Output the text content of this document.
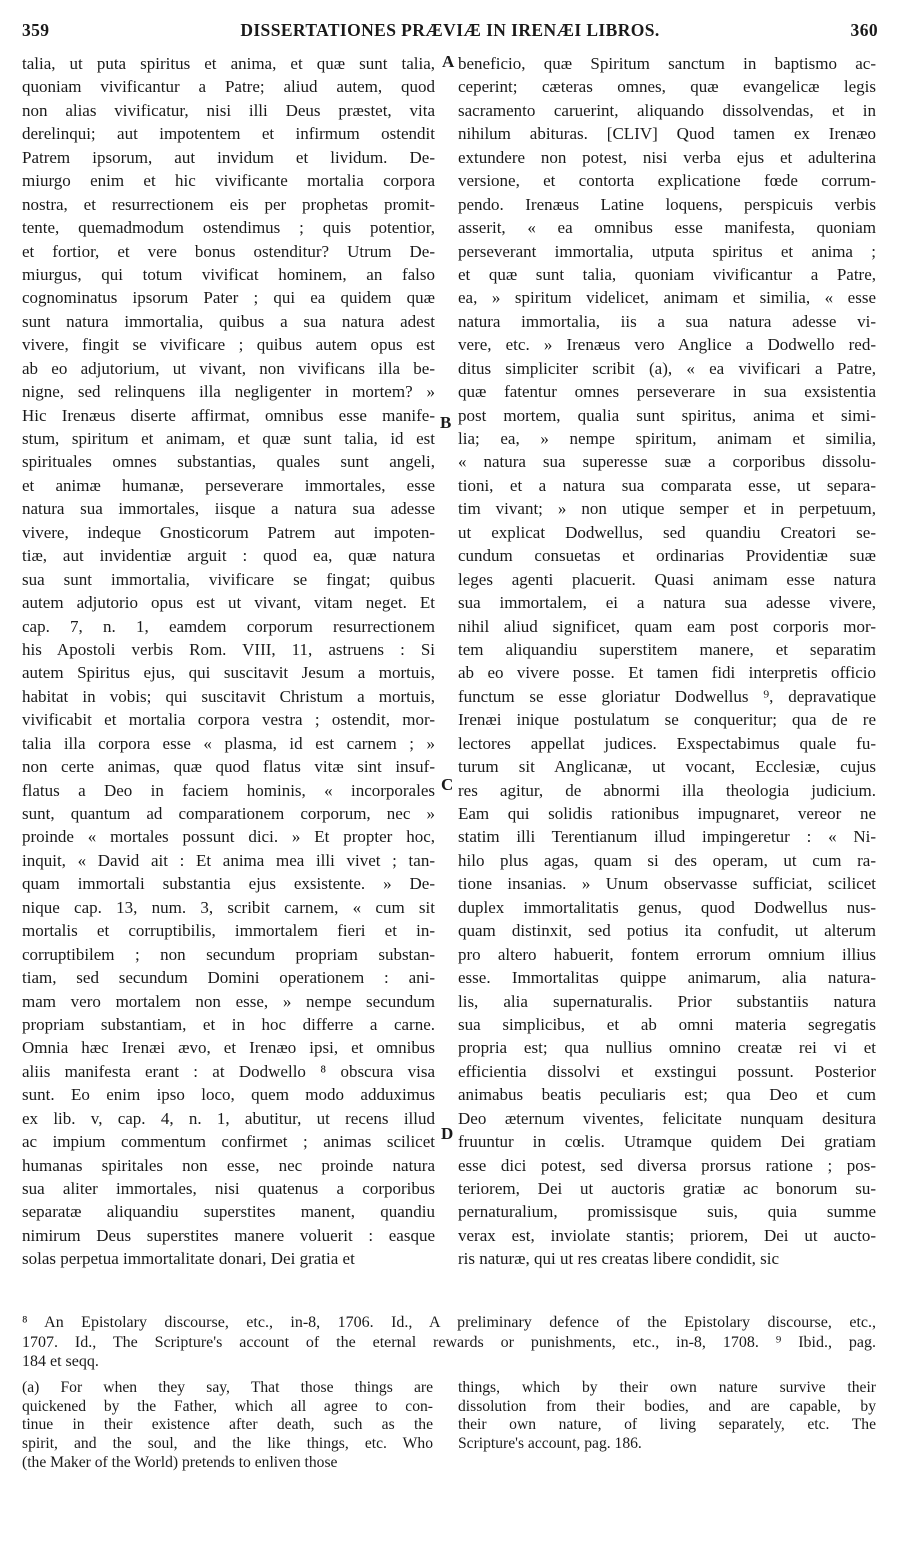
359	DISSERTATIONES PRÆVIÆ IN IRENÆI LIBROS.	360
A
B
C
D
talia, ut puta spiritus et anima, et quæ sunt talia,
quoniam vivificantur a Patre; aliud autem, quod
non alias vivificatur, nisi illi Deus præstet, vita
derelinqui; aut impotentem et infirmum ostendit
Patrem ipsorum, aut invidum et lividum. De-
miurgo enim et hic vivificante mortalia corpora
nostra, et resurrectionem eis per prophetas promit-
tente, quemadmodum ostendimus ; quis potentior,
et fortior, et vere bonus ostenditur? Utrum De-
miurgus, qui totum vivificat hominem, an falso
cognominatus ipsorum Pater ; qui ea quidem quæ
sunt natura immortalia, quibus a sua natura adest
vivere, fingit se vivificare ; quibus autem opus est
ab eo adjutorium, ut vivant, non vivificans illa be-
nigne, sed relinquens illa negligenter in mortem? »
Hic Irenæus diserte affirmat, omnibus esse manife-
stum, spiritum et animam, et quæ sunt talia, id est
spirituales omnes substantias, quales sunt angeli,
et animæ humanæ, perseverare immortales, esse
natura sua immortales, iisque a natura sua adesse
vivere, indeque Gnosticorum Patrem aut impoten-
tiæ, aut invidentiæ arguit : quod ea, quæ natura
sua sunt immortalia, vivificare se fingat; quibus
autem adjutorio opus est ut vivant, vitam neget. Et
cap. 7, n. 1, eamdem corporum resurrectionem
his Apostoli verbis Rom. VIII, 11, astruens : Si
autem Spiritus ejus, qui suscitavit Jesum a mortuis,
habitat in vobis; qui suscitavit Christum a mortuis,
vivificabit et mortalia corpora vestra ; ostendit, mor-
talia illa corpora esse « plasma, id est carnem ; »
non certe animas, quæ quod flatus vitæ sint insuf-
flatus a Deo in faciem hominis, « incorporales
sunt, quantum ad comparationem corporum, nec »
proinde « mortales possunt dici. » Et propter hoc,
inquit, « David ait : Et anima mea illi vivet ; tan-
quam immortali substantia ejus exsistente. » De-
nique cap. 13, num. 3, scribit carnem, « cum sit
mortalis et corruptibilis, immortalem fieri et in-
corruptibilem ; non secundum propriam substan-
tiam, sed secundum Domini operationem : ani-
mam vero mortalem non esse, » nempe secundum
propriam substantiam, et in hoc differre a carne.
Omnia hæc Irenæi ævo, et Irenæo ipsi, et omnibus
aliis manifesta erant : at Dodwello ⁸ obscura visa
sunt. Eo enim ipso loco, quem modo adduximus
ex lib. v, cap. 4, n. 1, abutitur, ut recens illud
ac impium commentum confirmet ; animas scilicet
humanas spiritales non esse, nec proinde natura
sua aliter immortales, nisi quatenus a corporibus
separatæ aliquandiu superstites manent, quandiu
nimirum Deus superstites manere voluerit : easque
solas perpetua immortalitate donari, Dei gratia et
beneficio, quæ Spiritum sanctum in baptismo ac-
ceperint; cæteras omnes, quæ evangelicæ legis
sacramento caruerint, aliquando dissolvendas, et in
nihilum abituras. [CLIV] Quod tamen ex Irenæo
extundere non potest, nisi verba ejus et adulterina
versione, et contorta explicatione fœde corrum-
pendo. Irenæus Latine loquens, perspicuis verbis
asserit, « ea omnibus esse manifesta, quoniam
perseverant immortalia, utputa spiritus et anima ;
et quæ sunt talia, quoniam vivificantur a Patre,
ea, » spiritum videlicet, animam et similia, « esse
natura immortalia, iis a sua natura adesse vi-
vere, etc. » Irenæus vero Anglice a Dodwello red-
ditus simpliciter scribit (a), « ea vivificari a Patre,
quæ fatentur omnes perseverare in sua exsistentia
post mortem, qualia sunt spiritus, anima et simi-
lia; ea, » nempe spiritum, animam et similia,
« natura sua superesse suæ a corporibus dissolu-
tioni, et a natura sua comparata esse, ut separa-
tim vivant; » non utique semper et in perpetuum,
ut explicat Dodwellus, sed quandiu Creatori se-
cundum consuetas et ordinarias Providentiæ suæ
leges agenti placuerit. Quasi animam esse natura
sua immortalem, ei a natura sua adesse vivere,
nihil aliud significet, quam eam post corporis mor-
tem aliquandiu superstitem manere, et separatim
ab eo vivere posse. Et tamen fidi interpretis officio
functum se esse gloriatur Dodwellus ⁹, depravatique
Irenæi inique postulatum se conqueritur; qua de re
lectores appellat judices. Exspectabimus quale fu-
turum sit Anglicanæ, ut vocant, Ecclesiæ, cujus
res agitur, de abnormi illa theologia judicium.
Eam qui solidis rationibus impugnaret, vereor ne
statim illi Terentianum illud impingeretur : « Ni-
hilo plus agas, quam si des operam, ut cum ra-
tione insanias. » Unum observasse sufficiat, scilicet
duplex immortalitatis genus, quod Dodwellus nus-
quam distinxit, sed potius ita confudit, ut alterum
pro altero habuerit, fontem errorum omnium illius
esse. Immortalitas quippe animarum, alia natura-
lis, alia supernaturalis. Prior substantiis natura
sua simplicibus, et ab omni materia segregatis
propria est; qua nullius omnino creatæ rei vi et
efficientia dissolvi et exstingui possunt. Posterior
animabus beatis peculiaris est; qua Deo et cum
Deo æternum viventes, felicitate nunquam desitura
fruuntur in cœlis. Utramque quidem Dei gratiam
esse dici potest, sed diversa prorsus ratione ; pos-
teriorem, Dei ut auctoris gratiæ ac bonorum su-
pernaturalium, promissisque suis, quia summe
verax est, inviolate stantis; priorem, Dei ut aucto-
ris naturæ, qui ut res creatas libere condidit, sic
⁸ An Epistolary discourse, etc., in-8, 1706. Id., A preliminary defence of the Epistolary discourse, etc.,
1707. Id., The Scripture's account of the eternal rewards or punishments, etc., in-8, 1708. ⁹ Ibid., pag.
184 et seqq.
(a) For when they say, That those things are
quickened by the Father, which all agree to con-
tinue in their existence after death, such as the
spirit, and the soul, and the like things, etc. Who
(the Maker of the World) pretends to enliven those
things, which by their own nature survive their
dissolution from their bodies, and are capable, by
their own nature, of living separately, etc. The
Scripture's account, pag. 186.
